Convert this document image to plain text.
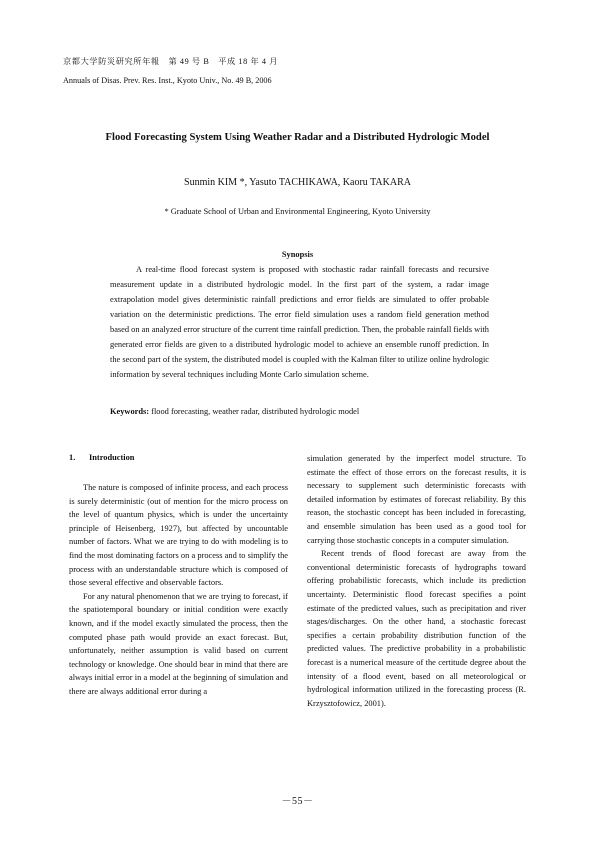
京都大学防災研究所年報　第 49 号 B　平成 18 年 4 月
Annuals of Disas. Prev. Res. Inst., Kyoto Univ., No. 49 B, 2006
Flood Forecasting System Using Weather Radar and a Distributed Hydrologic Model
Sunmin KIM *, Yasuto TACHIKAWA, Kaoru TAKARA
* Graduate School of Urban and Environmental Engineering, Kyoto University
Synopsis

A real-time flood forecast system is proposed with stochastic radar rainfall forecasts and recursive measurement update in a distributed hydrologic model. In the first part of the system, a radar image extrapolation model gives deterministic rainfall predictions and error fields are simulated to offer probable variation on the deterministic predictions. The error field simulation uses a random field generation method based on an analyzed error structure of the current time rainfall prediction. Then, the probable rainfall fields with generated error fields are given to a distributed hydrologic model to achieve an ensemble runoff prediction. In the second part of the system, the distributed model is coupled with the Kalman filter to utilize online hydrologic information by several techniques including Monte Carlo simulation scheme.

Keywords: flood forecasting, weather radar, distributed hydrologic model

1. Introduction

The nature is composed of infinite process, and each process is surely deterministic (out of mention for the micro process on the level of quantum physics, which is under the uncertainty principle of Heisenberg, 1927), but affected by uncountable number of factors. What we are trying to do with modeling is to find the most dominating factors on a process and to simplify the process with an understandable structure which is composed of those several effective and observable factors.

For any natural phenomenon that we are trying to forecast, if the spatiotemporal boundary or initial condition were exactly known, and if the model exactly simulated the process, then the computed phase path would provide an exact forecast. But, unfortunately, neither assumption is valid based on current technology or knowledge. One should bear in mind that there are always initial error in a model at the beginning of simulation and there are always additional error during a

simulation generated by the imperfect model structure. To estimate the effect of those errors on the forecast results, it is necessary to supplement such deterministic forecasts with detailed information by estimates of forecast reliability. By this reason, the stochastic concept has been included in forecasting, and ensemble simulation has been used as a good tool for carrying those stochastic concepts in a computer simulation.

Recent trends of flood forecast are away from the conventional deterministic forecasts of hydrographs toward offering probabilistic forecasts, which include its prediction uncertainty. Deterministic flood forecast specifies a point estimate of the predicted values, such as precipitation and river stages/discharges. On the other hand, a stochastic forecast specifies a certain probability distribution function of the predicted values. The predictive probability in a probabilistic forecast is a numerical measure of the certitude degree about the intensity of a flood event, based on all meteorological or hydrological information utilized in the forecasting process (R. Krzysztofowicz, 2001).

－55－
